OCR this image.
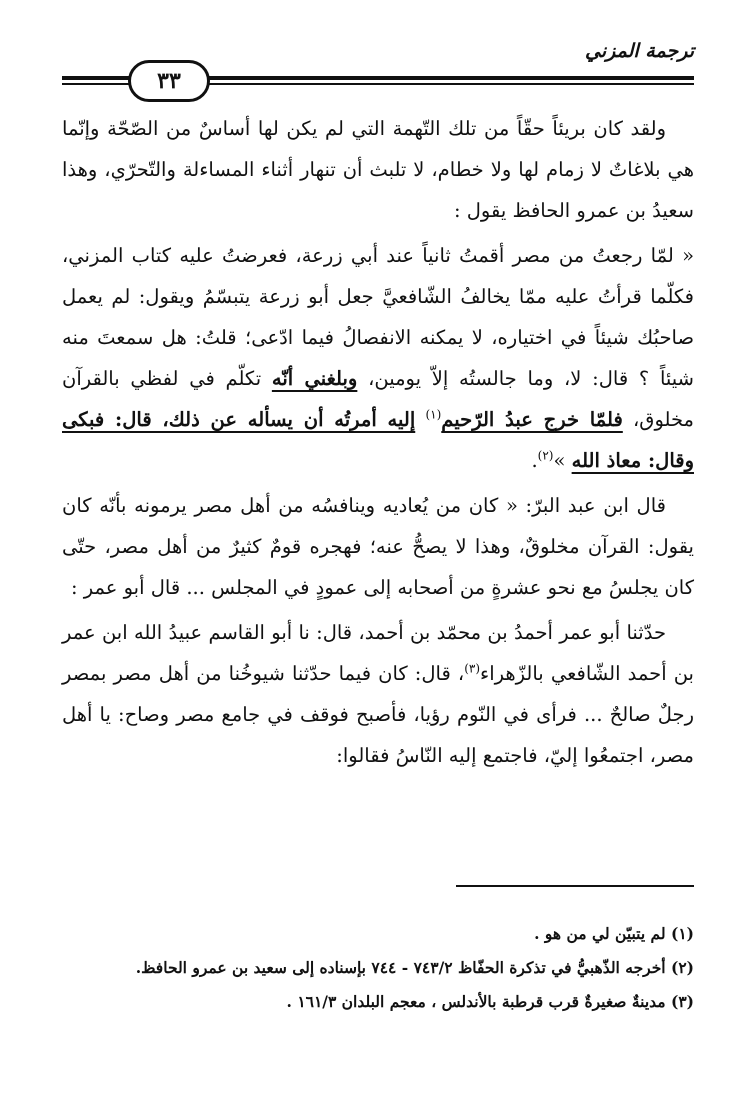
ترجمة المزني
٣٣

ولقد كان بريئاً حقّاً من تلك التّهمة التي لم يكن لها أساسٌ من الصّحّة وإنّما هي بلاغاتٌ لا زمام لها ولا خطام، لا تلبث أن تنهار أثناء المساءلة والتّحرّي، وهذا سعيدُ بن عمرو الحافظ يقول :

« لمّا رجعتُ من مصر أقمتُ ثانياً عند أبي زرعة، فعرضتُ عليه كتاب المزني، فكلّما قرأتُ عليه ممّا يخالفُ الشّافعيَّ جعل أبو زرعة يتبسّمُ ويقول: لم يعمل صاحبُك شيئاً في اختياره، لا يمكنه الانفصالُ فيما ادّعى؛ قلتُ: هل سمعتَ منه شيئاً ؟ قال: لا، وما جالستُه إلاّ يومين، وبلغني أنّه تكلّم في لفظي بالقرآن مخلوق، فلمّا خرج عبدُ الرّحيم$^{(١)}$ إليه أمرتُه أن يسأله عن ذلك، قال: فبكى وقال: معاذ الله »$^{(٢)}$.

قال ابن عبد البرّ: « كان من يُعاديه وينافسُه من أهل مصر يرمونه بأنّه كان يقول: القرآن مخلوقٌ، وهذا لا يصحُّ عنه؛ فهجره قومٌ كثيرٌ من أهل مصر، حتّى كان يجلسُ مع نحو عشرةٍ من أصحابه إلى عمودٍ في المجلس ... قال أبو عمر :

حدّثنا أبو عمر أحمدُ بن محمّد بن أحمد، قال: نا أبو القاسم عبيدُ الله ابن عمر بن أحمد الشّافعي بالزّهراء$^{(٣)}$، قال: كان فيما حدّثنا شيوخُنا من أهل مصر بمصر رجلٌ صالحٌ ... فرأى في النّوم رؤيا، فأصبح فوقف في جامع مصر وصاح: يا أهل مصر، اجتمعُوا إليّ، فاجتمع إليه النّاسُ فقالوا:

(١) لم يتبيّن لي من هو .
(٢) أخرجه الذّهبيُّ في تذكرة الحفّاظ ٧٤٣/٢ - ٧٤٤ بإسناده إلى سعيد بن عمرو الحافظ.
(٣) مدينةٌ صغيرةٌ قرب قرطبة بالأندلس ، معجم البلدان ١٦١/٣ .
